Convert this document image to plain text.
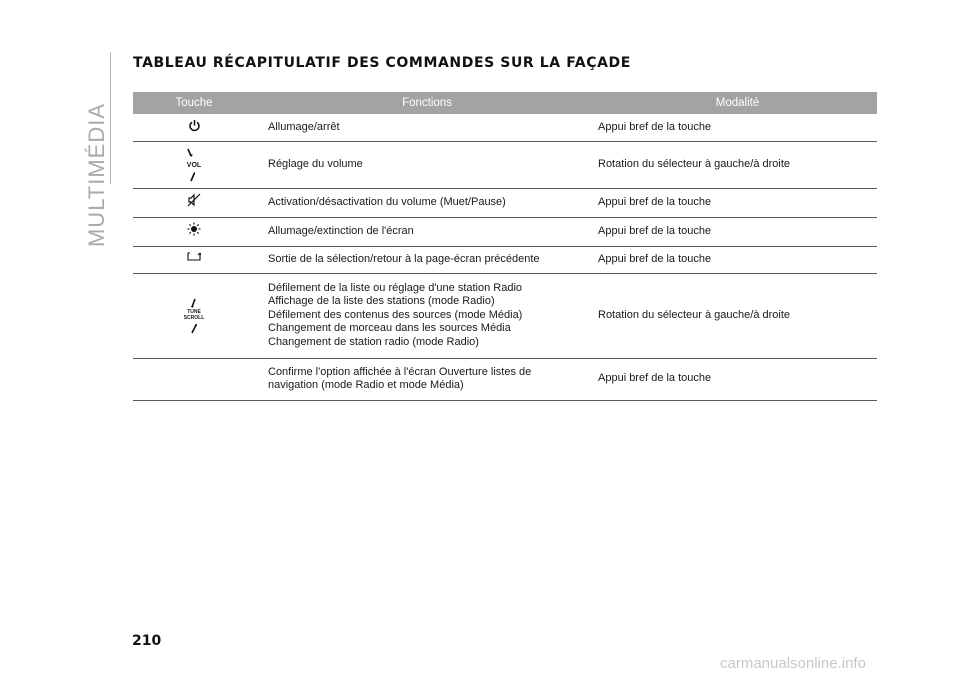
MULTIMÉDIA
TABLEAU RÉCAPITULATIF DES COMMANDES SUR LA FAÇADE
Touche		Fonctions		Modalité
		Allumage/arrêt		Appui bref de la touche

VOL		Réglage du volume		Rotation du sélecteur à gauche/à droite
		Activation/désactivation du volume (Muet/Pause)		Appui bref de la touche
		Allumage/extinction de l'écran		Appui bref de la touche
		Sortie de la sélection/retour à la page-écran précédente		Appui bref de la touche

TUNE SCROLL		Défilement de la liste ou réglage d'une station Radio
Affichage de la liste des stations (mode Radio)
Défilement des contenus des sources (mode Média)
Changement de morceau dans les sources Média
Changement de station radio (mode Radio)		Rotation du sélecteur à gauche/à droite
		Confirme l'option affichée à l'écran Ouverture listes de navigation (mode Radio et mode Média)		Appui bref de la touche
210
carmanualsonline.info
